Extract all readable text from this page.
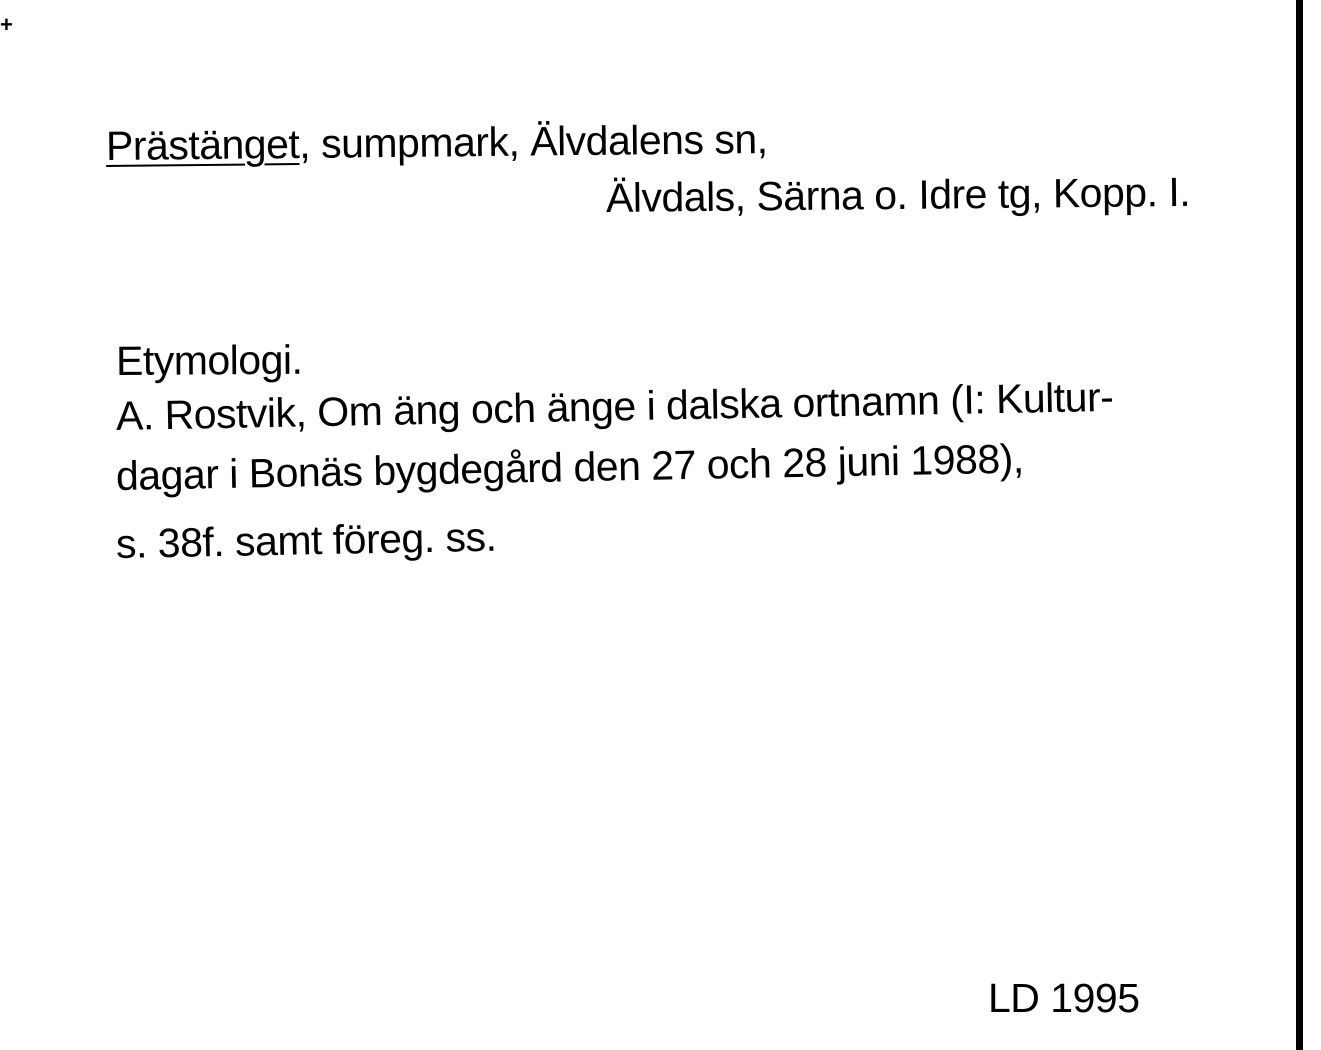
+
Prästänget, sumpmark, Älvdalens sn,
Älvdals, Särna o. Idre tg, Kopp. I.
Etymologi.
A. Rostvik, Om äng och änge i dalska ortnamn (I: Kultur-
dagar i Bonäs bygdegård den 27 och 28 juni 1988),
s. 38f. samt föreg. ss.
LD 1995
